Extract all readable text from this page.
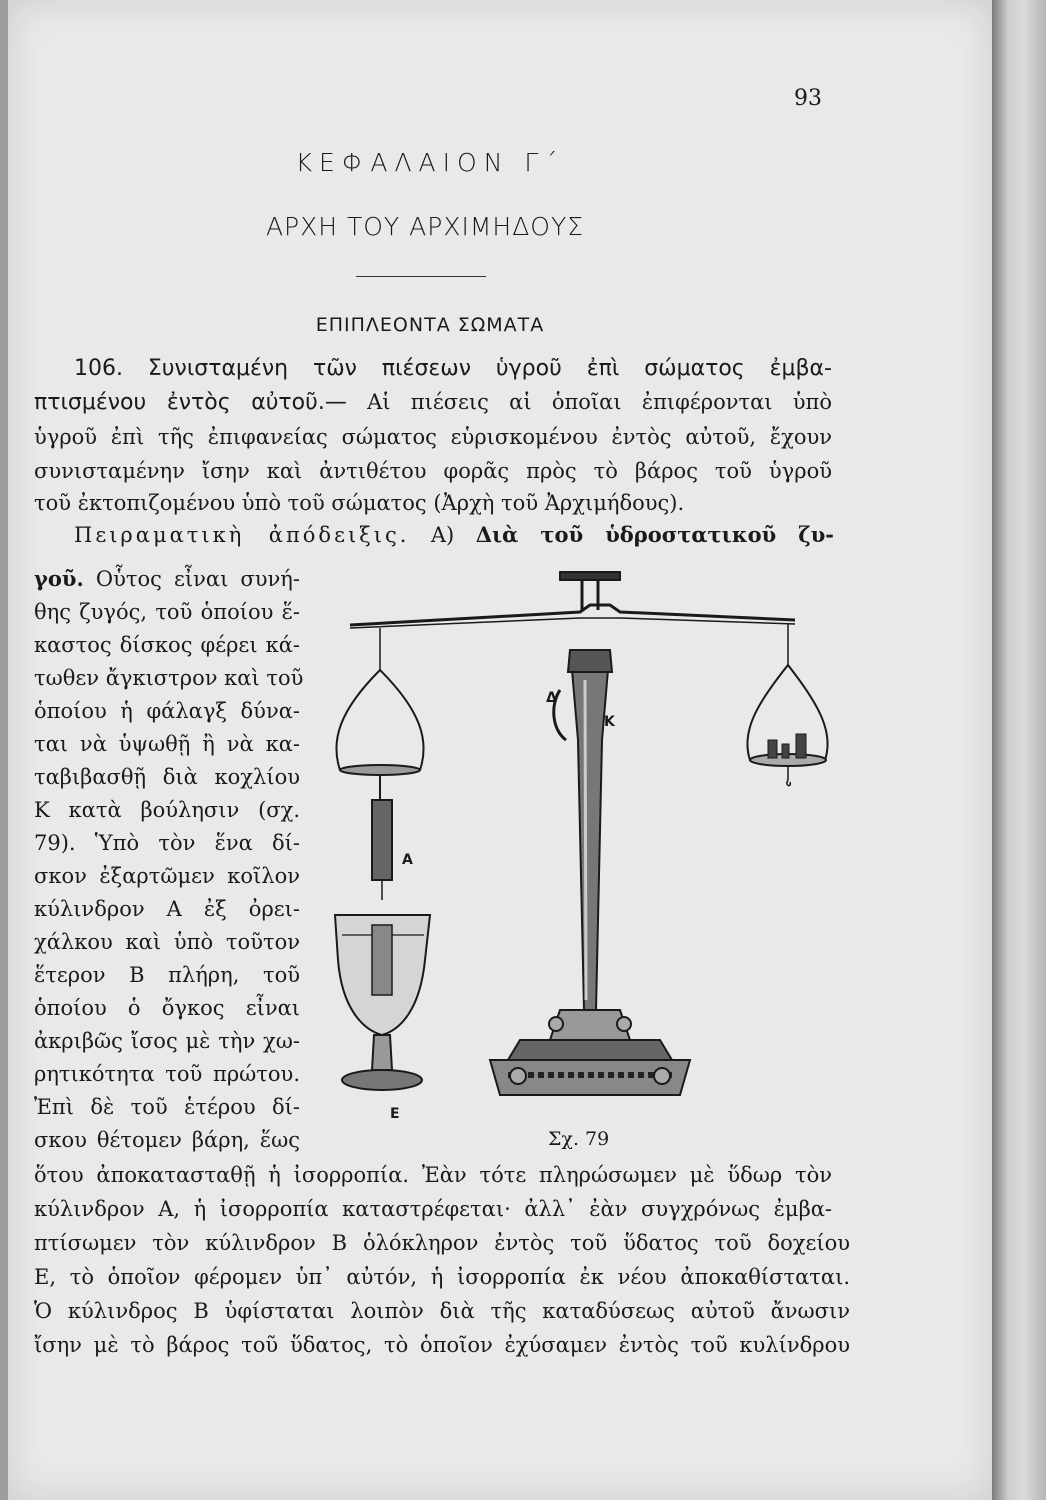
93
ΚΕΦΑΛΑΙΟΝ Γ΄
ΑΡΧΗ ΤΟΥ ΑΡΧΙΜΗΔΟΥΣ
ΕΠΙΠΛΕΟΝΤΑ ΣΩΜΑΤΑ
106. Συνισταμένη τῶν πιέσεων ὑγροῦ ἐπὶ σώματος ἐμβα-
πτισμένου ἐντὸς αὐτοῦ.— Αἱ πιέσεις αἱ ὁποῖαι ἐπιφέρονται ὑπὸ
ὑγροῦ ἐπὶ τῆς ἐπιφανείας σώματος εὑρισκομένου ἐντὸς αὐτοῦ, ἔχουν
συνισταμένην ἴσην καὶ ἀντιθέτου φορᾶς πρὸς τὸ βάρος τοῦ ὑγροῦ
τοῦ ἐκτοπιζομένου ὑπὸ τοῦ σώματος (Ἀρχὴ τοῦ Ἀρχιμήδους).
Πειραματικὴ ἀπόδειξις. Α) Διὰ τοῦ ὑδροστατικοῦ ζυ-
γοῦ. Οὗτος εἶναι συνή-
θης ζυγός, τοῦ ὁποίου ἕ-
καστος δίσκος φέρει κά-
τωθεν ἄγκιστρον καὶ τοῦ
ὁποίου ἡ φάλαγξ δύνα-
ται νὰ ὑψωθῇ ἢ νὰ κα-
ταβιβασθῇ διὰ κοχλίου
Κ κατὰ βούλησιν (σχ.
79). Ὑπὸ τὸν ἕνα δί-
σκον ἐξαρτῶμεν κοῖλον
κύλινδρον Α ἐξ ὀρει-
χάλκου καὶ ὑπὸ τοῦτον
ἕτερον Β πλήρη, τοῦ
ὁποίου ὁ ὄγκος εἶναι
ἀκριβῶς ἴσος μὲ τὴν χω-
ρητικότητα τοῦ πρώτου.
Ἐπὶ δὲ τοῦ ἑτέρου δί-
σκου θέτομεν βάρη, ἕως
Δ
Κ
Α
Ε
Σχ. 79
ὅτου ἀποκατασταθῇ ἡ ἰσορροπία. Ἐὰν τότε πληρώσωμεν μὲ ὕδωρ τὸν
κύλινδρον Α, ἡ ἰσορροπία καταστρέφεται· ἀλλ᾽ ἐὰν συγχρόνως ἐμβα-
πτίσωμεν τὸν κύλινδρον Β ὁλόκληρον ἐντὸς τοῦ ὕδατος τοῦ δοχείου
Ε, τὸ ὁποῖον φέρομεν ὑπ᾽ αὐτόν, ἡ ἰσορροπία ἐκ νέου ἀποκαθίσταται.
Ὁ κύλινδρος Β ὑφίσταται λοιπὸν διὰ τῆς καταδύσεως αὐτοῦ ἄνωσιν
ἴσην μὲ τὸ βάρος τοῦ ὕδατος, τὸ ὁποῖον ἐχύσαμεν ἐντὸς τοῦ κυλίνδρου
